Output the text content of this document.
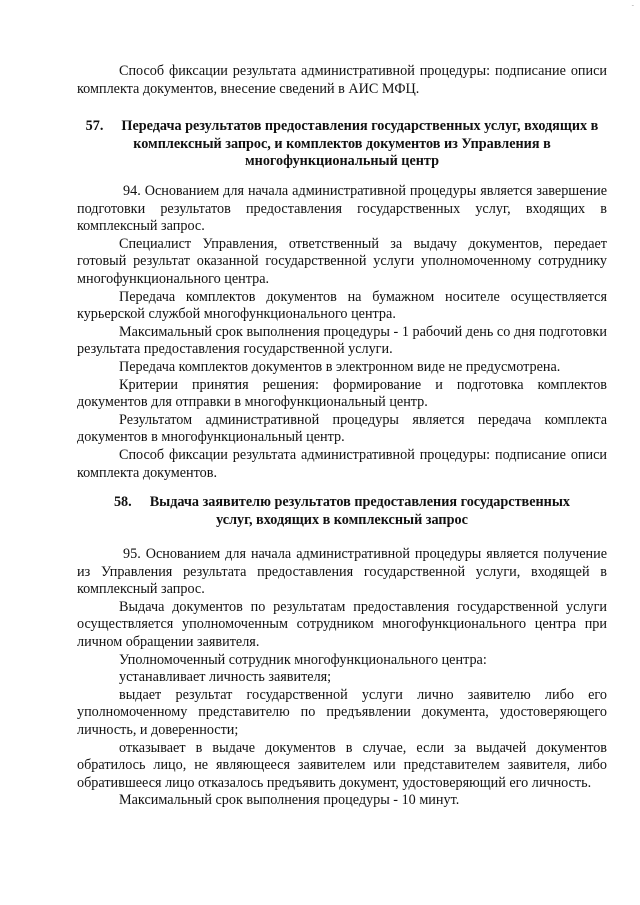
-

Способ фиксации результата административной процедуры: подписание описи комплекта документов, внесение сведений в АИС МФЦ.

57. Передача результатов предоставления государственных услуг, входящих в комплексный запрос, и комплектов документов из Управления в многофункциональный центр

94. Основанием для начала административной процедуры является завершение подготовки результатов предоставления государственных услуг, входящих в комплексный запрос.

Специалист Управления, ответственный за выдачу документов, передает готовый результат оказанной государственной услуги уполномоченному сотруднику многофункционального центра.

Передача комплектов документов на бумажном носителе осуществляется курьерской службой многофункционального центра.

Максимальный срок выполнения процедуры - 1 рабочий день со дня подготовки результата предоставления государственной услуги.

Передача комплектов документов в электронном виде не предусмотрена.

Критерии принятия решения: формирование и подготовка комплектов документов для отправки в многофункциональный центр.

Результатом административной процедуры является передача комплекта документов в многофункциональный центр.

Способ фиксации результата административной процедуры: подписание описи комплекта документов.

58. Выдача заявителю результатов предоставления государственных услуг, входящих в комплексный запрос

95. Основанием для начала административной процедуры является получение из Управления результата предоставления государственной услуги, входящей в комплексный запрос.

Выдача документов по результатам предоставления государственной услуги осуществляется уполномоченным сотрудником многофункционального центра при личном обращении заявителя.

Уполномоченный сотрудник многофункционального центра:

устанавливает личность заявителя;

выдает результат государственной услуги лично заявителю либо его уполномоченному представителю по предъявлении документа, удостоверяющего личность, и доверенности;

отказывает в выдаче документов в случае, если за выдачей документов обратилось лицо, не являющееся заявителем или представителем заявителя, либо обратившееся лицо отказалось предъявить документ, удостоверяющий его личность.

Максимальный срок выполнения процедуры - 10 минут.
